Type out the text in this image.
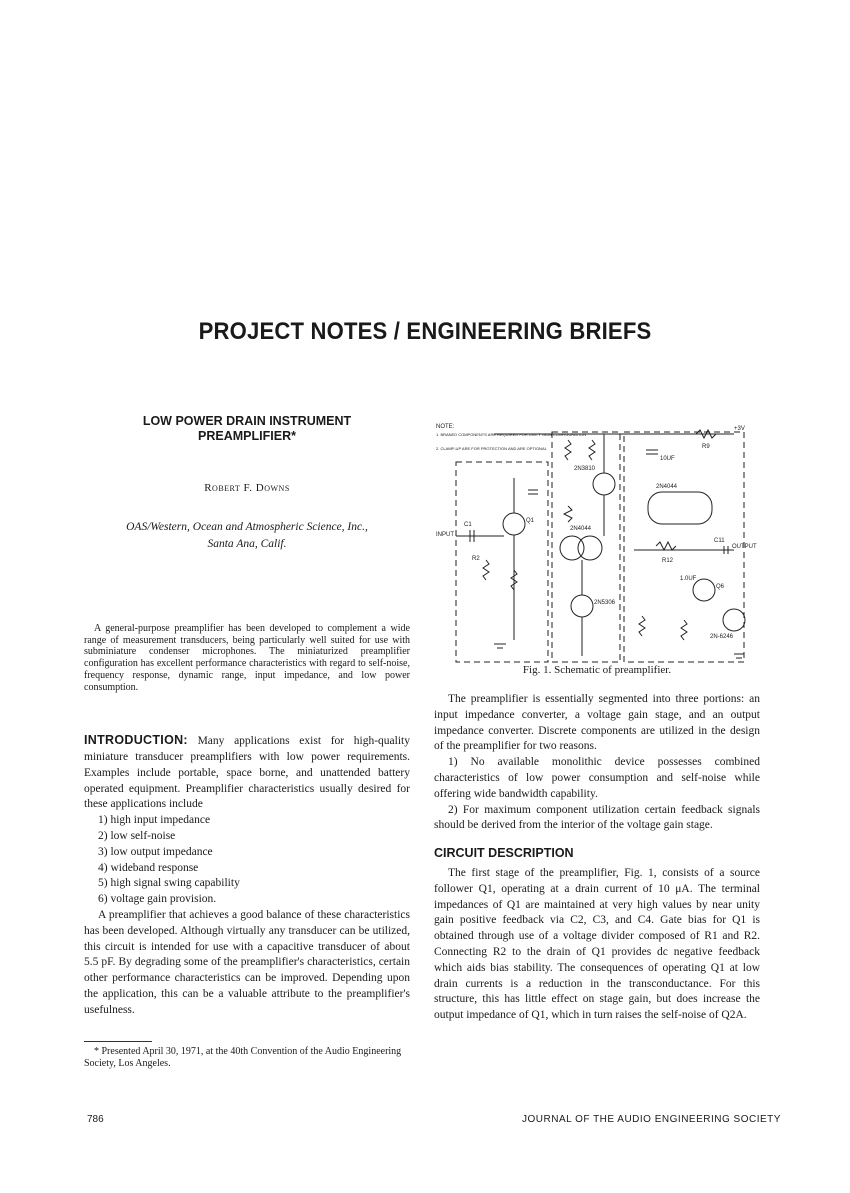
PROJECT NOTES / ENGINEERING BRIEFS

LOW POWER DRAIN INSTRUMENT
PREAMPLIFIER*

Robert F. Downs
OAS/Western, Ocean and Atmospheric Science, Inc.,
Santa Ana, Calif.

A general-purpose preamplifier has been developed to complement a wide range of measurement transducers, being particularly well suited for use with subminiature condenser microphones. The miniaturized preamplifier configuration has excellent performance characteristics with regard to self-noise, frequency response, dynamic range, input impedance, and low power consumption.

INTRODUCTION: Many applications exist for high-quality miniature transducer preamplifiers with low power requirements. Examples include portable, space borne, and unattended battery operated equipment. Preamplifier characteristics usually desired for these applications include

1) high input impedance
2) low self-noise
3) low output impedance
4) wideband response
5) high signal swing capability
6) voltage gain provision.

A preamplifier that achieves a good balance of these characteristics has been developed. Although virtually any transducer can be utilized, this circuit is intended for use with a capacitive transducer of about 5.5 pF. By degrading some of the preamplifier's characteristics, certain other performance characteristics can be improved. Depending upon the application, this can be a valuable attribute to the preamplifier's usefulness.

* Presented April 30, 1971, at the 40th Convention of the Audio Engineering Society, Los Angeles.

NOTE:
1. BRANED COMPONENTS ARE REQUIRED FOR UNITY GAIN CONFIGURATION
2. CLAMP-UP ARE FOR PROTECTION AND ARE OPTIONAL
INPUT
OUTPUT
+3V
Q1
2N4044
2N5306
2N3810
2N4044
Q6
2N-6246
R2
C1
10UF
R9
R12
1.0UF
C11
Fig. 1. Schematic of preamplifier.

The preamplifier is essentially segmented into three portions: an input impedance converter, a voltage gain stage, and an output impedance converter. Discrete components are utilized in the design of the preamplifier for two reasons.

1) No available monolithic device possesses combined characteristics of low power consumption and self-noise while offering wide bandwidth capability.

2) For maximum component utilization certain feedback signals should be derived from the interior of the voltage gain stage.

CIRCUIT DESCRIPTION

The first stage of the preamplifier, Fig. 1, consists of a source follower Q1, operating at a drain current of 10 μA. The terminal impedances of Q1 are maintained at very high values by near unity gain positive feedback via C2, C3, and C4. Gate bias for Q1 is obtained through use of a voltage divider composed of R1 and R2. Connecting R2 to the drain of Q1 provides dc negative feedback which aids bias stability. The consequences of operating Q1 at low drain currents is a reduction in the transconductance. For this structure, this has little effect on stage gain, but does increase the output impedance of Q1, which in turn raises the self-noise of Q2A.

786	JOURNAL OF THE AUDIO ENGINEERING SOCIETY
